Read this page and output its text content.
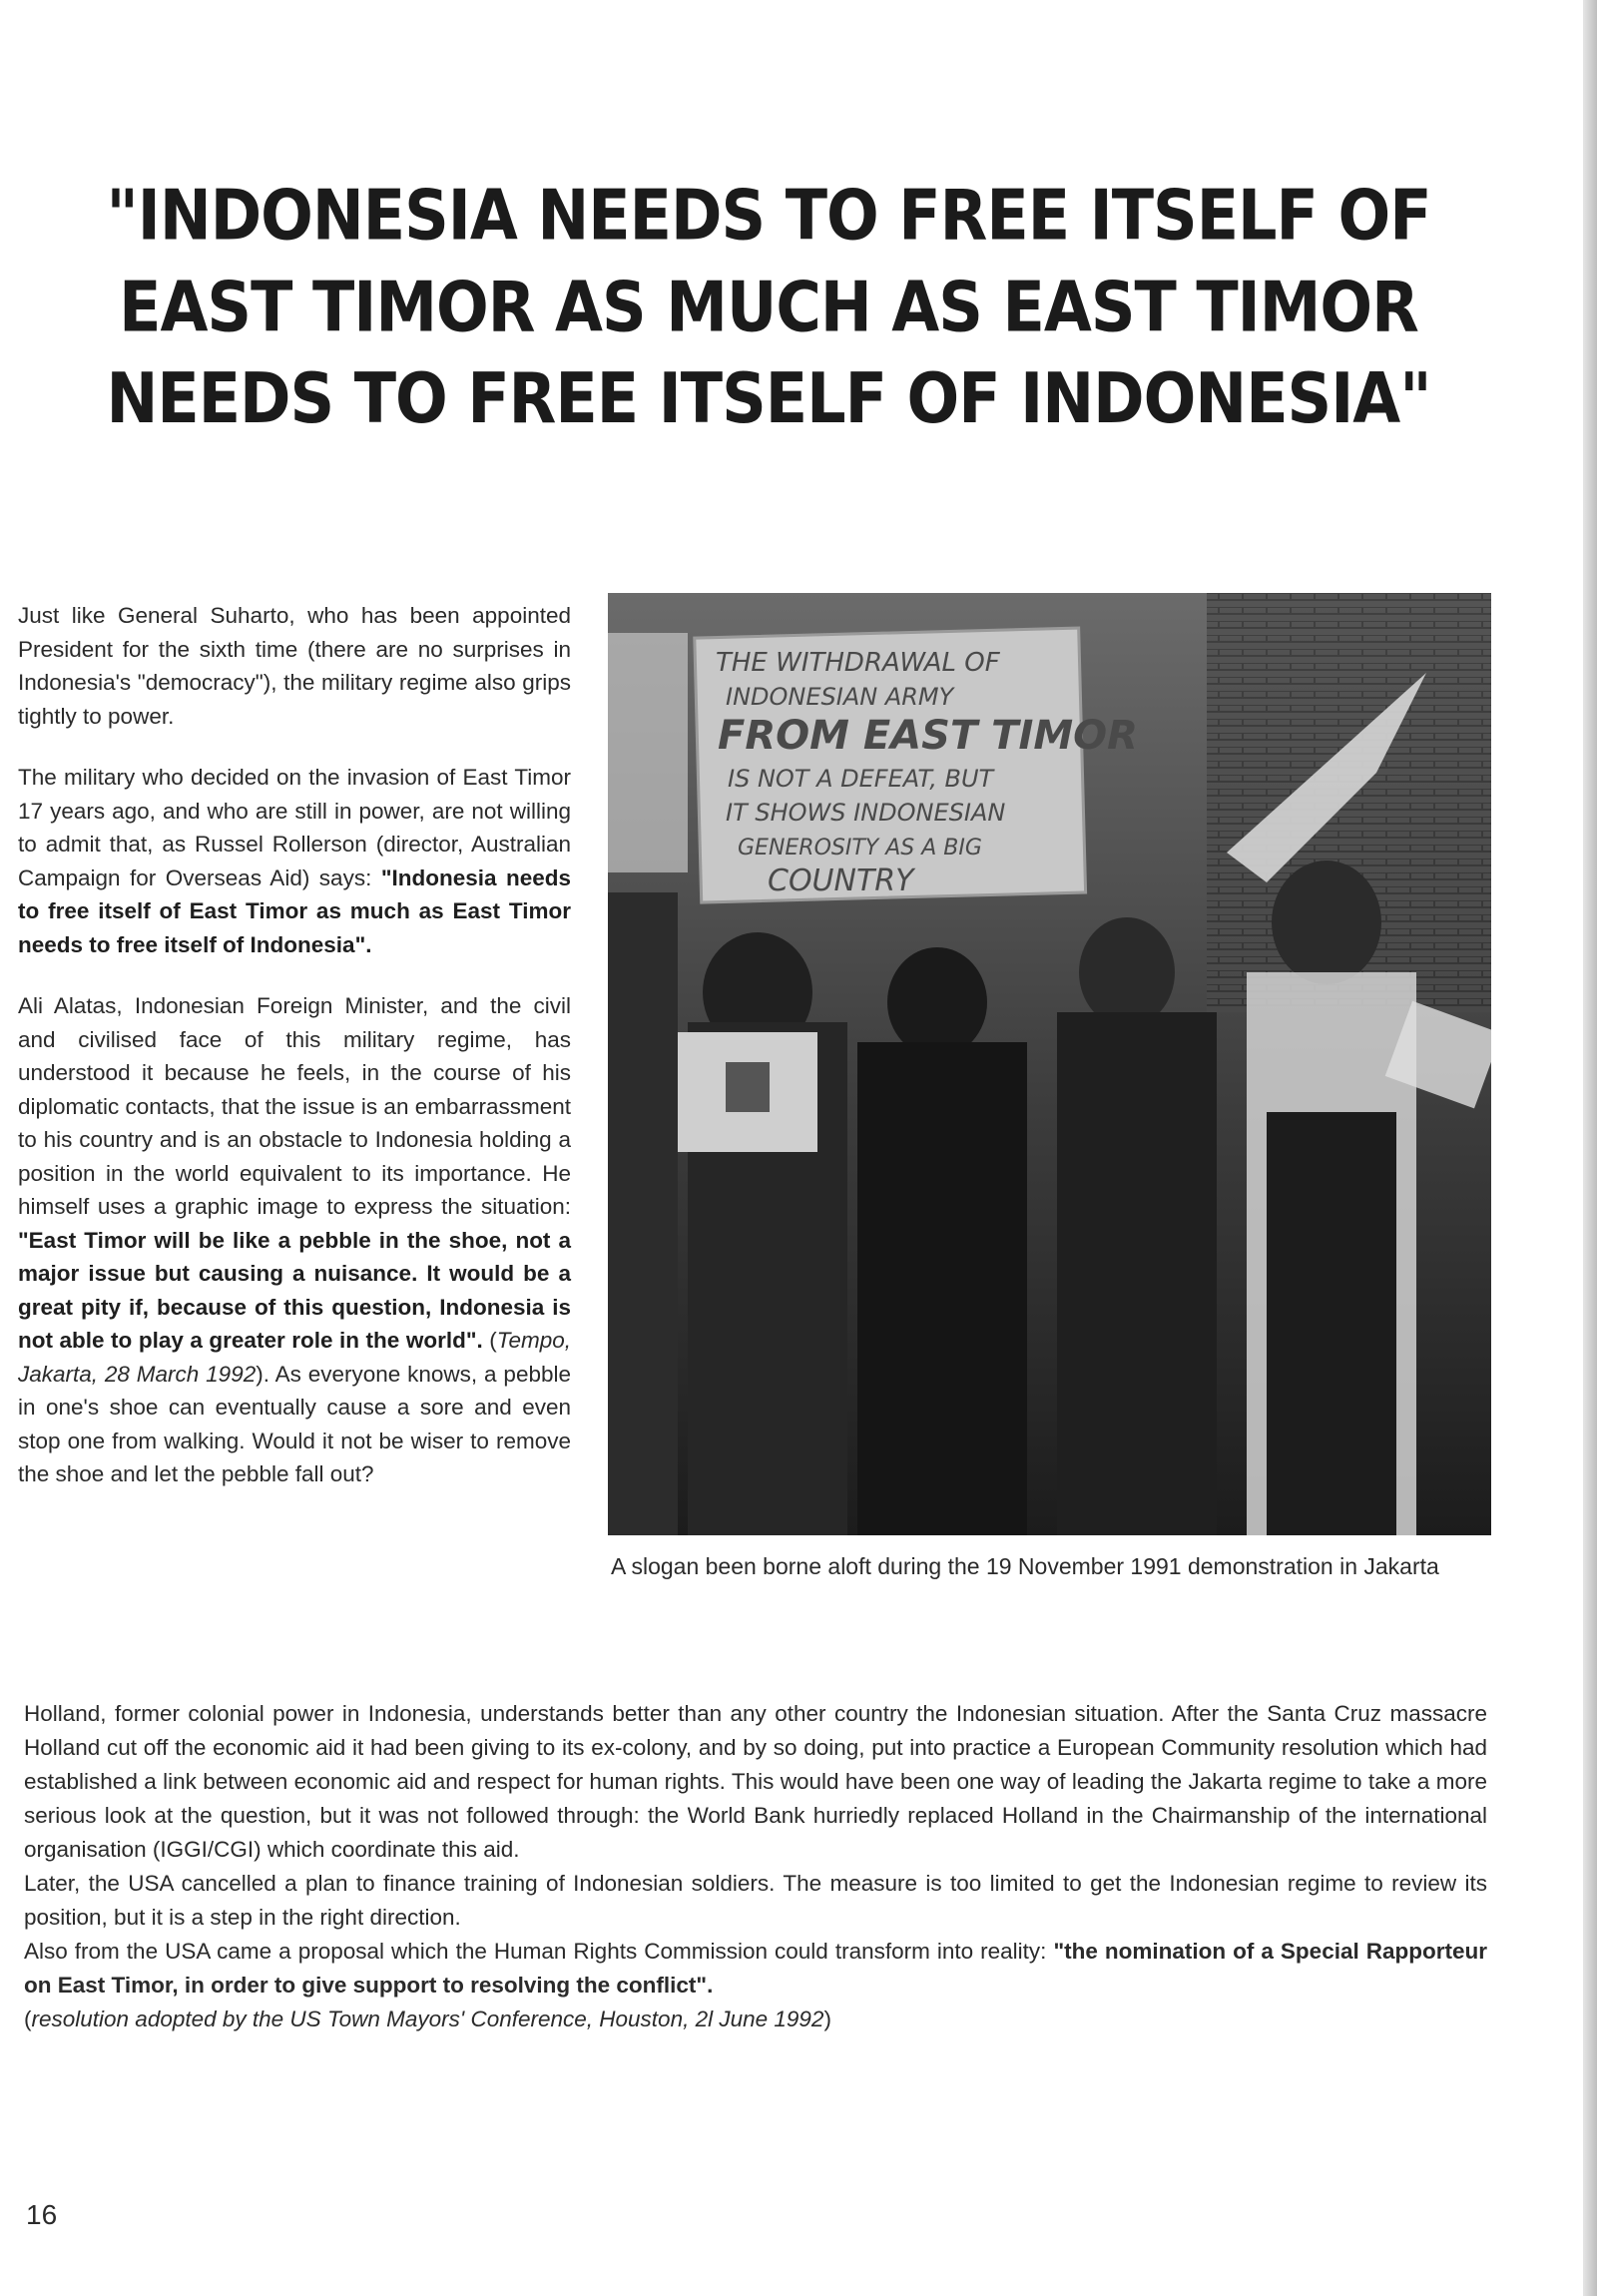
"INDONESIA NEEDS TO FREE ITSELF OF EAST TIMOR AS MUCH AS EAST TIMOR NEEDS TO FREE ITSELF OF INDONESIA"

Just like General Suharto, who has been appointed President for the sixth time (there are no surprises in Indonesia's "democracy"), the military regime also grips tightly to power.

The military who decided on the invasion of East Timor 17 years ago, and who are still in power, are not willing to admit that, as Russel Rollerson (director, Australian Campaign for Overseas Aid) says: "Indonesia needs to free itself of East Timor as much as East Timor needs to free itself of Indonesia".

Ali Alatas, Indonesian Foreign Minister, and the civil and civilised face of this military regime, has understood it because he feels, in the course of his diplomatic contacts, that the issue is an embarrassment to his country and is an obstacle to Indonesia holding a position in the world equivalent to its importance. He himself uses a graphic image to express the situation: "East Timor will be like a pebble in the shoe, not a major issue but causing a nuisance. It would be a great pity if, because of this question, Indonesia is not able to play a greater role in the world". (Tempo, Jakarta, 28 March 1992). As everyone knows, a pebble in one's shoe can eventually cause a sore and even stop one from walking. Would it not be wiser to remove the shoe and let the pebble fall out?

THE WITHDRAWAL OF
INDONESIAN ARMY
FROM EAST TIMOR
IS NOT A DEFEAT, BUT
IT SHOWS INDONESIAN
GENEROSITY AS A BIG
COUNTRY
A slogan been borne aloft during the 19 November 1991 demonstration in Jakarta

Holland, former colonial power in Indonesia, understands better than any other country the Indonesian situation. After the Santa Cruz massacre Holland cut off the economic aid it had been giving to its ex-colony, and by so doing, put into practice a European Community resolution which had established a link between economic aid and respect for human rights. This would have been one way of leading the Jakarta regime to take a more serious look at the question, but it was not followed through: the World Bank hurriedly replaced Holland in the Chairmanship of the international organisation (IGGI/CGI) which coordinate this aid.

Later, the USA cancelled a plan to finance training of Indonesian soldiers. The measure is too limited to get the Indonesian regime to review its position, but it is a step in the right direction.

Also from the USA came a proposal which the Human Rights Commission could transform into reality: "the nomination of a Special Rapporteur on East Timor, in order to give support to resolving the conflict".

(resolution adopted by the US Town Mayors' Conference, Houston, 2l June 1992)

16
